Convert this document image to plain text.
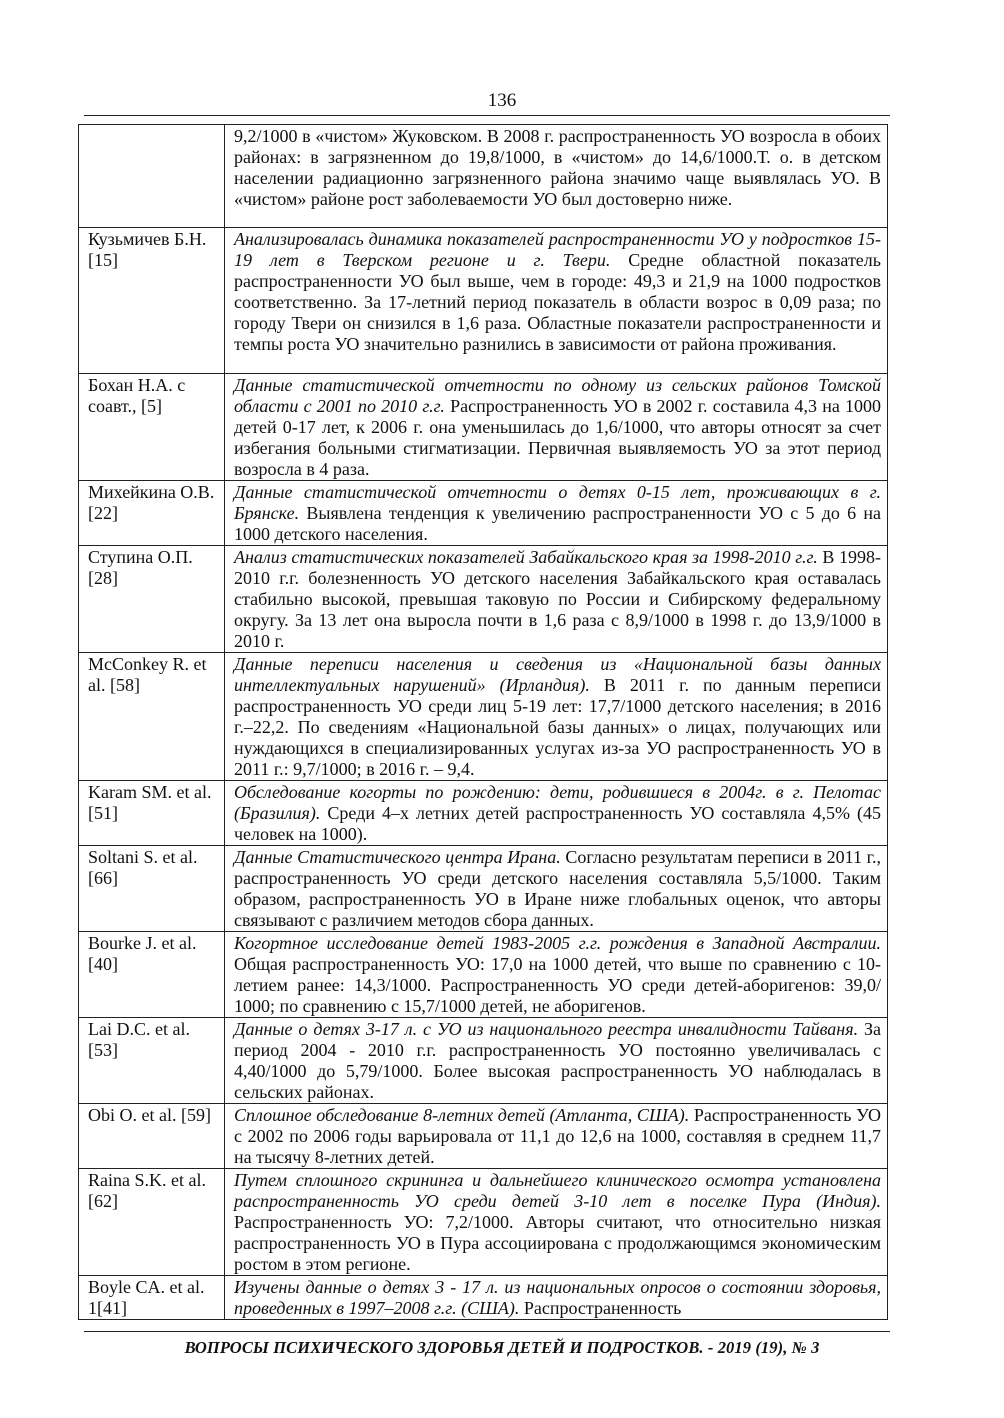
136
	9,2/1000 в «чистом» Жуковском. В 2008 г. распространенность УО возросла в обоих районах: в загрязненном до 19,8/1000, в «чистом» до 14,6/1000.Т. о. в детском населении радиационно загрязненного района значимо чаще выявлялась УО. В «чистом» районе рост заболеваемости УО был достоверно ниже.
Кузьмичев Б.Н. [15]	Анализировалась динамика показателей распространенности УО у подростков 15-19 лет в Тверском регионе и г. Твери. Средне областной показатель распространенности УО был выше, чем в городе: 49,3 и 21,9 на 1000 подростков соответственно. За 17-летний период показатель в области возрос в 0,09 раза; по городу Твери он снизился в 1,6 раза. Областные показатели распространенности и темпы роста УО значительно разнились в зависимости от района проживания.
Бохан Н.А. с соавт., [5]	Данные статистической отчетности по одному из сельских районов Томской области с 2001 по 2010 г.г. Распространенность УО в 2002 г. составила 4,3 на 1000 детей 0-17 лет, к 2006 г. она уменьшилась до 1,6/1000, что авторы относят за счет избегания больными стигматизации. Первичная выявляемость УО за этот период возросла в 4 раза.
Михейкина О.В. [22]	Данные статистической отчетности о детях 0-15 лет, проживающих в г. Брянске. Выявлена тенденция к увеличению распространенности УО с 5 до 6 на 1000 детского населения.
Ступина О.П. [28]	Анализ статистических показателей Забайкальского края за 1998-2010 г.г. В 1998-2010 г.г. болезненность УО детского населения Забайкальского края оставалась стабильно высокой, превышая таковую по России и Сибирскому федеральному округу. За 13 лет она выросла почти в 1,6 раза с 8,9/1000 в 1998 г. до 13,9/1000 в 2010 г.
McConkey R. et al. [58]	Данные переписи населения и сведения из «Национальной базы данных интеллектуальных нарушений» (Ирландия). В 2011 г. по данным переписи распространенность УО среди лиц 5-19 лет: 17,7/1000 детского населения; в 2016 г.–22,2. По сведениям «Национальной базы данных» о лицах, получающих или нуждающихся в специализированных услугах из-за УО распространенность УО в 2011 г.: 9,7/1000; в 2016 г. – 9,4.
Karam SM. et al. [51]	Обследование когорты по рождению: дети, родившиеся в 2004г. в г. Пелотас (Бразилия). Среди 4–х летних детей распространенность УО составляла 4,5% (45 человек на 1000).
Soltani S. et al. [66]	Данные Статистического центра Ирана. Согласно результатам переписи в 2011 г., распространенность УО среди детского населения составляла 5,5/1000. Таким образом, распространенность УО в Иране ниже глобальных оценок, что авторы связывают с различием методов сбора данных.
Bourke J. et al. [40]	Когортное исследование детей 1983-2005 г.г. рождения в Западной Австралии. Общая распространенность УО: 17,0 на 1000 детей, что выше по сравнению с 10-летием ранее: 14,3/1000. Распространенность УО среди детей-аборигенов: 39,0/ 1000; по сравнению с 15,7/1000 детей, не аборигенов.
Lai D.C. et al. [53]	Данные о детях 3-17 л. с УО из национального реестра инвалидности Тайваня. За период 2004 - 2010 г.г. распространенность УО постоянно увеличивалась с 4,40/1000 до 5,79/1000. Более высокая распространенность УО наблюдалась в сельских районах.
Obi O. et al. [59]	Сплошное обследование 8-летних детей (Атланта, США). Распространенность УО с 2002 по 2006 годы варьировала от 11,1 до 12,6 на 1000, составляя в среднем 11,7 на тысячу 8-летних детей.
Raina S.K. et al. [62]	Путем сплошного скрининга и дальнейшего клинического осмотра установлена распространенность УО среди детей 3-10 лет в поселке Пура (Индия). Распространенность УО: 7,2/1000. Авторы считают, что относительно низкая распространенность УО в Пура ассоциирована с продолжающимся экономическим ростом в этом регионе.
Boyle CA. et al. 1[41]	Изучены данные о детях 3 - 17 л. из национальных опросов о состоянии здоровья, проведенных в 1997–2008 г.г. (США). Распространенность
ВОПРОСЫ ПСИХИЧЕСКОГО ЗДОРОВЬЯ ДЕТЕЙ И ПОДРОСТКОВ. - 2019 (19), № 3
